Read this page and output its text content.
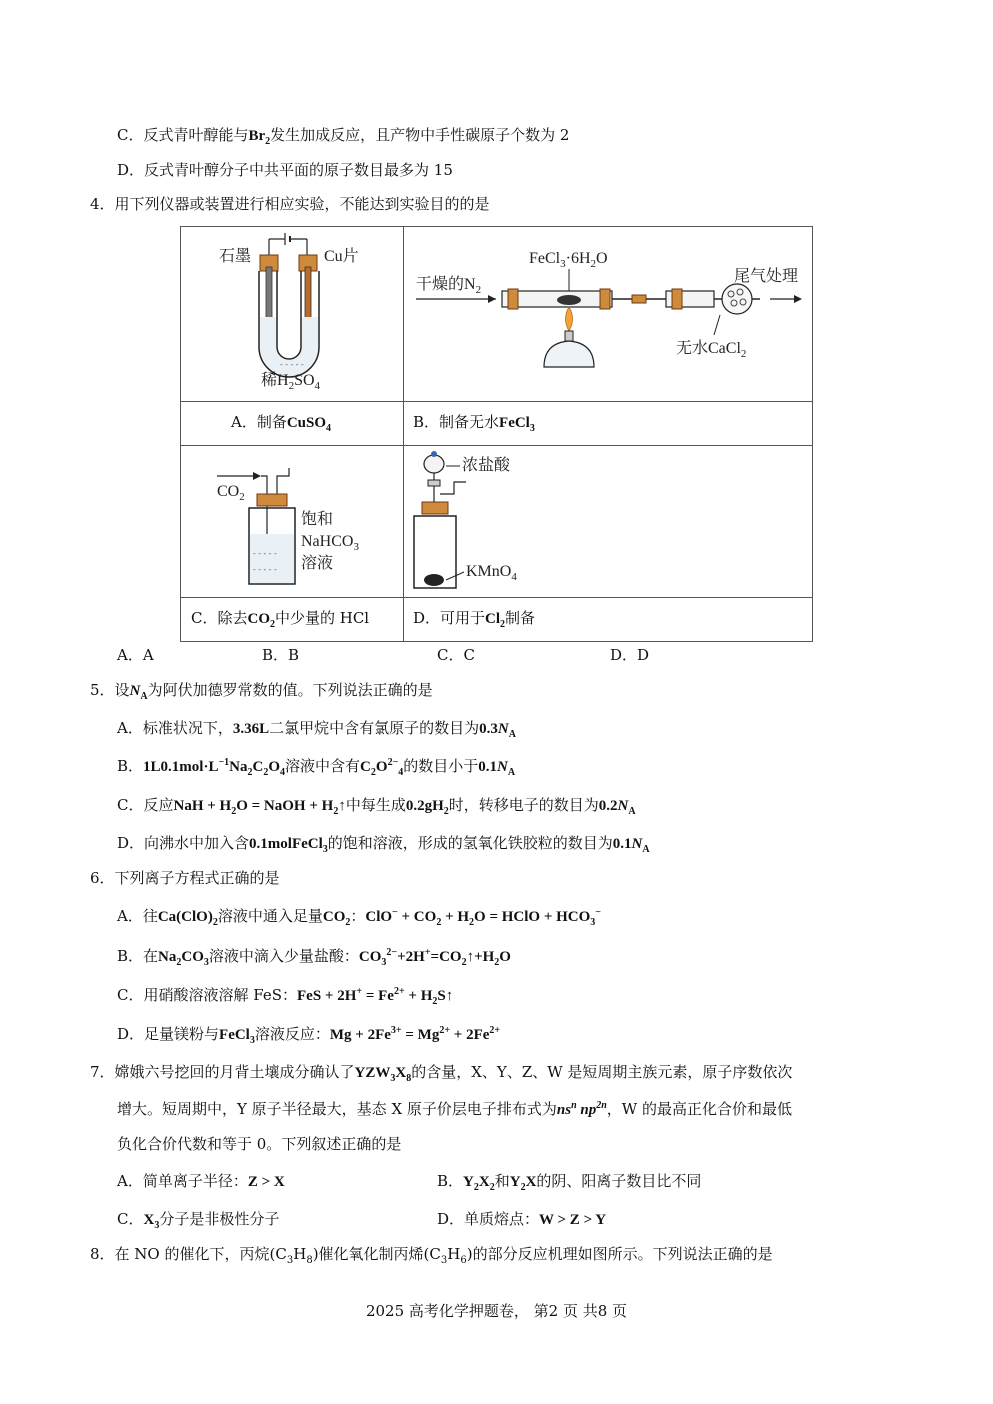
C．反式青叶醇能与$Br_2$发生加成反应，且产物中手性碳原子个数为 2
D．反式青叶醇分子中共平面的原子数目最多为 15
4．用下列仪器或装置进行相应实验，不能达到实验目的的是
石墨	Cu片
- - - - -
稀$H_2SO_4$
干燥的$N_2$
$FeCl_3\cdot 6H_2O$
尾气处理
无水CaCl$_2$
A．制备CuSO$_4$	B．制备无水FeCl$_3$
$CO_2$
- - - - -
- - - - -
饱和
NaHCO$_3$
溶液
浓盐酸
KMnO$_4$
C．除去$CO_2$中少量的 HCl	D．可用于$Cl_2$制备
A．A	B．B	C．C	D．D
5．设$N_A$为阿伏加德罗常数的值。下列说法正确的是
A．标准状况下，3.36L二氯甲烷中含有氯原子的数目为$0.3N_A$
B．$1L0.1mol\cdot L^{-1}Na_2C_2O_4$溶液中含有$C_2O^{2-}_4$的数目小于$0.1N_A$
C．反应NaH + $H_2O$ = NaOH + $H_2↑$中每生成$0.2gH_2$时，转移电子的数目为$0.2N_A$
D．向沸水中加入含0.1molFeCl$_3$的饱和溶液，形成的氢氧化铁胶粒的数目为$0.1N_A$
6．下列离子方程式正确的是
A．往$Ca(ClO)_2$溶液中通入足量$CO_2$：$ClO^- + CO_2 + H_2O$ = HClO + $HCO_3^-$
B．在$Na_2CO_3$溶液中滴入少量盐酸：$CO_3^{2-}+2H^+=CO_2↑+H_2O$
C．用硝酸溶液溶解 FeS：FeS + $2H^+ = Fe^{2+}$ + $H_2S↑$
D．足量镁粉与FeCl$_3$溶液反应：$Mg + 2Fe^{3+} = Mg^{2+} + 2Fe^{2+}$
7．嫦娥六号挖回的月背土壤成分确认了$YZW_3X_8$的含量，X、Y、Z、W 是短周期主族元素，原子序数依次
增大。短周期中，Y 原子半径最大，基态 X 原子价层电子排布式为$ns^n$ $np^{2n}$，W 的最高正化合价和最低
负化合价代数和等于 0。下列叙述正确的是
A．简单离子半径：Z > X	B．$Y_2X_2$和$Y_2X$的阴、阳离子数目比不同
C．$X_3$分子是非极性分子	D．单质熔点：W > Z > Y
8．在 NO 的催化下，丙烷$(C_3H_8)$催化氧化制丙烯$(C_3H_6)$的部分反应机理如图所示。下列说法正确的是
2025 高考化学押题卷， 第2 页 共8 页
